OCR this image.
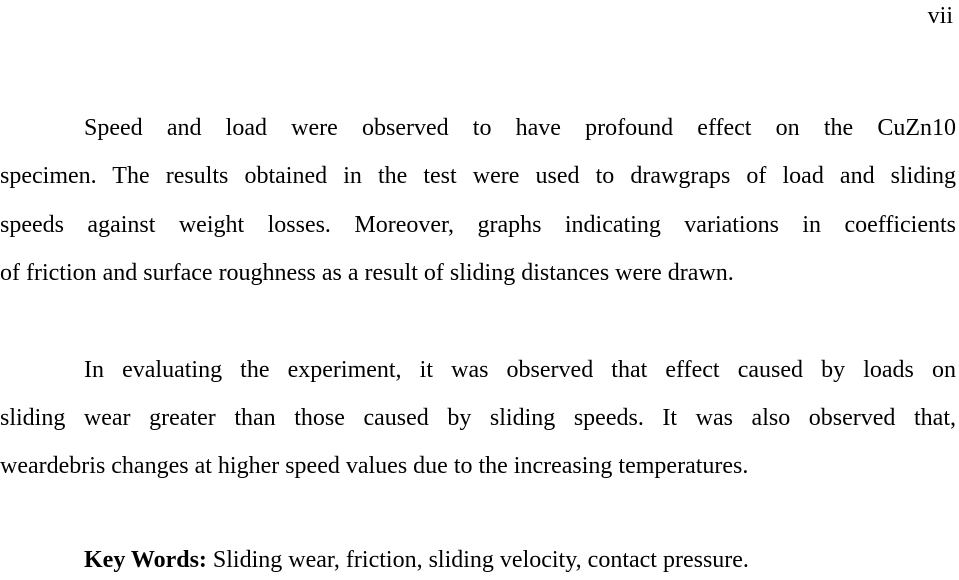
vii
Speed and load were observed to have profound effect on the CuZn10
specimen. The results obtained in the test were used to drawgraps of load and sliding
speeds against weight losses. Moreover, graphs indicating variations in coefficients
of friction and surface roughness as a result of sliding distances were drawn.
In evaluating the experiment, it was observed that effect caused by loads on
sliding wear greater than those caused by sliding speeds. It was also observed that,
weardebris changes at higher speed values due to the increasing temperatures.
Key Words: Sliding wear, friction, sliding velocity, contact pressure.
